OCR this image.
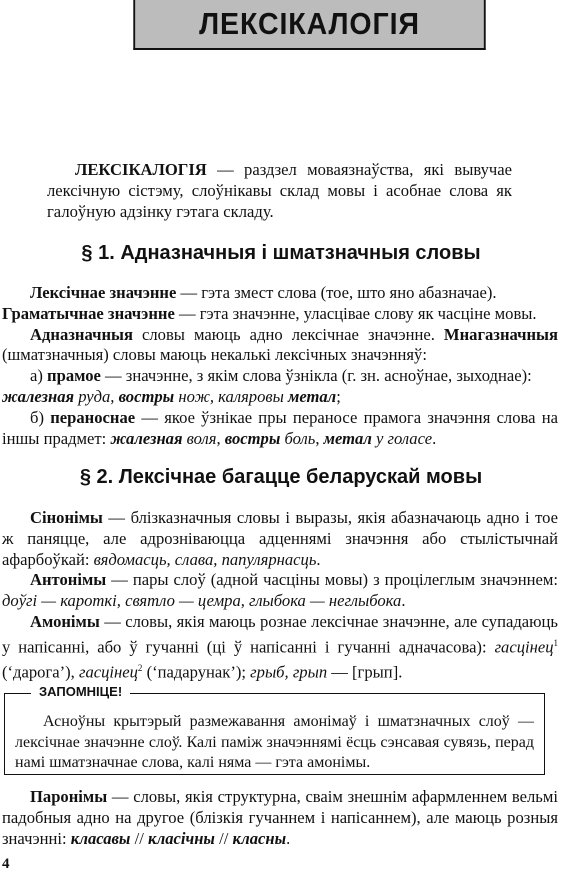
ЛЕКСІКАЛОГІЯ

ЛЕКСІКАЛОГІЯ — раздзел моваязнаўства, які вывучае лексічную сістэму, слоўнікавы склад мовы і асобнае слова як галоўную адзінку гэтага складу.

§ 1. Адназначныя і шматзначныя словы

Лексічнае значэнне — гэта змест слова (тое, што яно абазначае).

Граматычнае значэнне — гэта значэнне, уласцівае слову як часціне мовы.

Адназначныя словы маюць адно лексічнае значэнне. Мнагазначныя (шматзначныя) словы маюць некалькі лексічных значэнняў:

а) прамое — значэнне, з якім слова ўзнікла (г. зн. асноўнае, зыходнае):
жалезная руда, востры нож, каляровы метал;

б) пераноснае — якое ўзнікае пры пераносе прамога значэння слова на іншы прадмет: жалезная воля, востры боль, метал у голасе.

§ 2. Лексічнае багацце беларускай мовы

Сінонімы — блізказначныя словы і выразы, якія абазначаюць адно і тое ж паняцце, але адрозніваюцца адценнямі значэння або стылістычнай афарбоўкай: вядомасць, слава, папулярнасць.

Антонімы — пары слоў (адной часціны мовы) з процілеглым значэннем: доўгі — кароткі, святло — цемра, глыбока — неглыбока.

Амонімы — словы, якія маюць рознае лексічнае значэнне, але супадаюць у напісанні, або ў гучанні (ці ў напісанні і гучанні адначасова): гасцінец$^1$ (‘дарога’), гасцінец$^2$ (‘падарунак’); грыб, грып — [грып].

ЗАПОМНІЦЕ!
Асноўны крытэрый размежавання амонімаў і шматзначных слоў — лексічнае значэнне слоў. Калі паміж значэннямі ёсць сэнсавая сувязь, перад намі шматзначнае слова, калі няма — гэта амонімы.

Паронімы — словы, якія структурна, сваім знешнім афармленнем вельмі падобныя адно на другое (блізкія гучаннем і напісаннем), але маюць розныя значэнні: класавы // класічны // класны.

4
